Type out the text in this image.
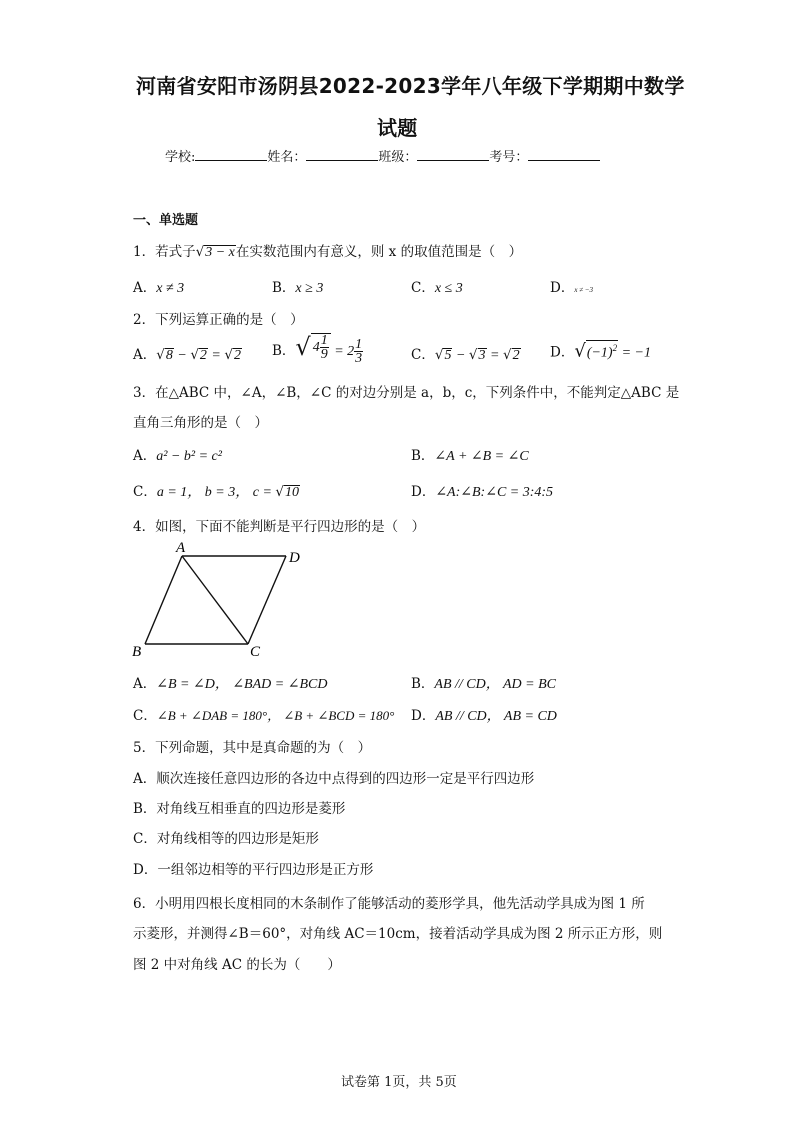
河南省安阳市汤阴县2022-2023学年八年级下学期期中数学
试题
学校:	姓名：	班级：	考号：
一、单选题
1．若式子√3 − x在实数范围内有意义，则 x 的取值范围是（　）
A．x ≠ 3	B．x ≥ 3	C．x ≤ 3	D．x ≠ −3
2．下列运算正确的是（　）
A．√8 − √2 = √2 B． √ $4 \frac{1}{9} = 2 \frac{1}{3}$	C．√5 − √3 = √2 D．$√(-1)^2 = -1$
3．在△ABC 中，∠A，∠B，∠C 的对边分别是 a，b，c，下列条件中，不能判定△ABC 是
直角三角形的是（　）
A．a² − b² = c²	B．∠A + ∠B = ∠C
C．a = 1， b = 3， c = √10	D．∠A:∠B:∠C = 3:4:5
4．如图，下面不能判断是平行四边形的是（　）
A
D
B	C
A．∠B = ∠D， ∠BAD = ∠BCD	B．AB // CD， AD = BC
C．∠B + ∠DAB = 180°， ∠B + ∠BCD = 180° D．AB // CD， AB = CD
5．下列命题，其中是真命题的为（　）
A．顺次连接任意四边形的各边中点得到的四边形一定是平行四边形
B．对角线互相垂直的四边形是菱形
C．对角线相等的四边形是矩形
D．一组邻边相等的平行四边形是正方形
6．小明用四根长度相同的木条制作了能够活动的菱形学具，他先活动学具成为图 1 所
示菱形，并测得∠B＝60°，对角线 AC＝10cm，接着活动学具成为图 2 所示正方形，则
图 2 中对角线 AC 的长为（　　）
试卷第 1页，共 5页
